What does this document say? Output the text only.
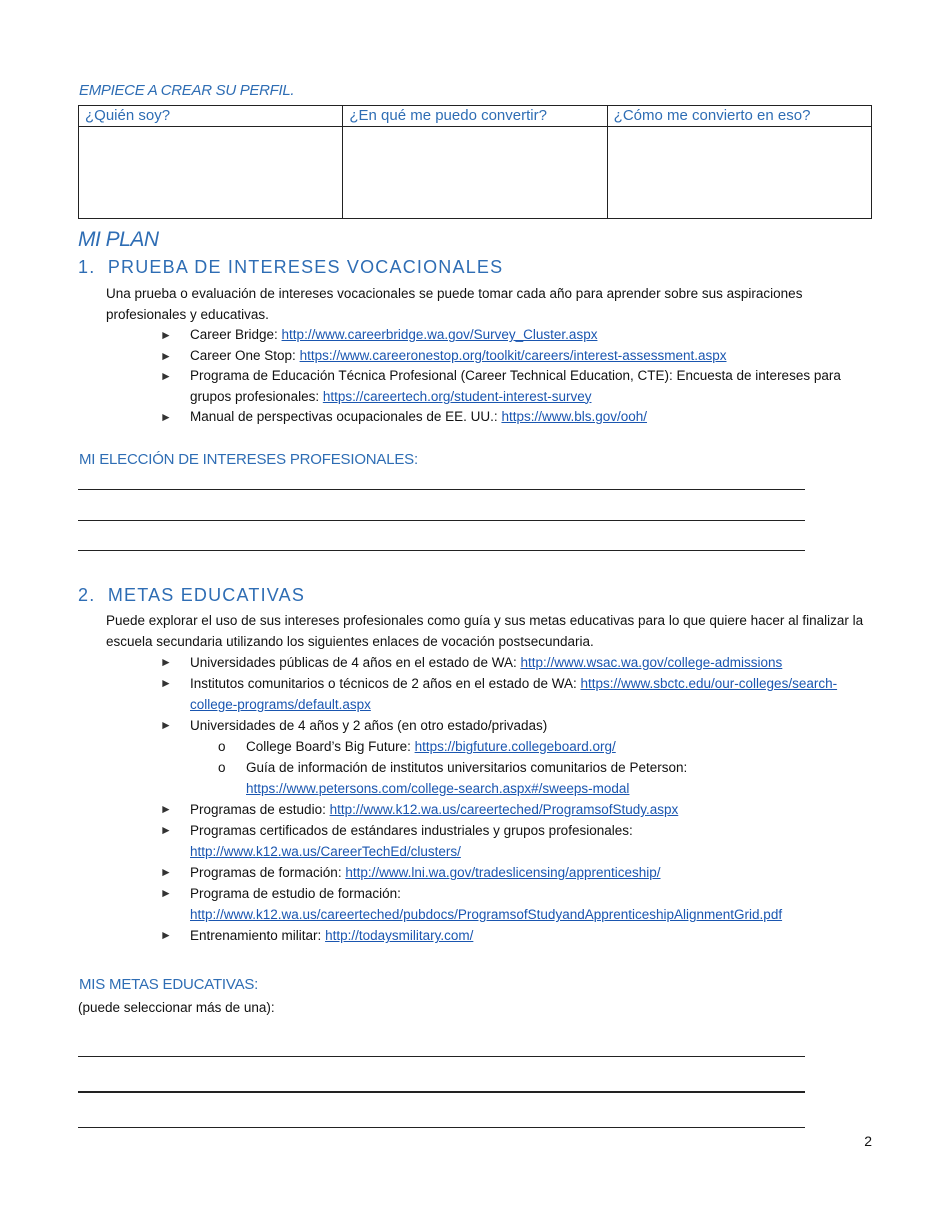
EMPIECE A CREAR SU PERFIL.
¿Quién soy?	¿En qué me puedo convertir?	¿Cómo me convierto en eso?

MI PLAN
1. PRUEBA DE INTERESES VOCACIONALES
Una prueba o evaluación de intereses vocacionales se puede tomar cada año para aprender sobre sus aspiraciones profesionales y educativas.
► Career Bridge: http://www.careerbridge.wa.gov/Survey_Cluster.aspx
► Career One Stop: https://www.careeronestop.org/toolkit/careers/interest-assessment.aspx
► Programa de Educación Técnica Profesional (Career Technical Education, CTE): Encuesta de intereses para grupos profesionales: https://careertech.org/student-interest-survey
► Manual de perspectivas ocupacionales de EE. UU.: https://www.bls.gov/ooh/
MI ELECCIÓN DE INTERESES PROFESIONALES:
2. METAS EDUCATIVAS
Puede explorar el uso de sus intereses profesionales como guía y sus metas educativas para lo que quiere hacer al finalizar la escuela secundaria utilizando los siguientes enlaces de vocación postsecundaria.
► Universidades públicas de 4 años en el estado de WA: http://www.wsac.wa.gov/college-admissions
► Institutos comunitarios o técnicos de 2 años en el estado de WA: https://www.sbctc.edu/our-colleges/search-college-programs/default.aspx
► Universidades de 4 años y 2 años (en otro estado/privadas)
o College Board’s Big Future: https://bigfuture.collegeboard.org/
o Guía de información de institutos universitarios comunitarios de Peterson: https://www.petersons.com/college-search.aspx#/sweeps-modal
► Programas de estudio: http://www.k12.wa.us/careerteched/ProgramsofStudy.aspx
► Programas certificados de estándares industriales y grupos profesionales: http://www.k12.wa.us/CareerTechEd/clusters/
► Programas de formación: http://www.lni.wa.gov/tradeslicensing/apprenticeship/
► Programa de estudio de formación: http://www.k12.wa.us/careerteched/pubdocs/ProgramsofStudyandApprenticeshipAlignmentGrid.pdf
► Entrenamiento militar: http://todaysmilitary.com/
MIS METAS EDUCATIVAS:
(puede seleccionar más de una):
2
